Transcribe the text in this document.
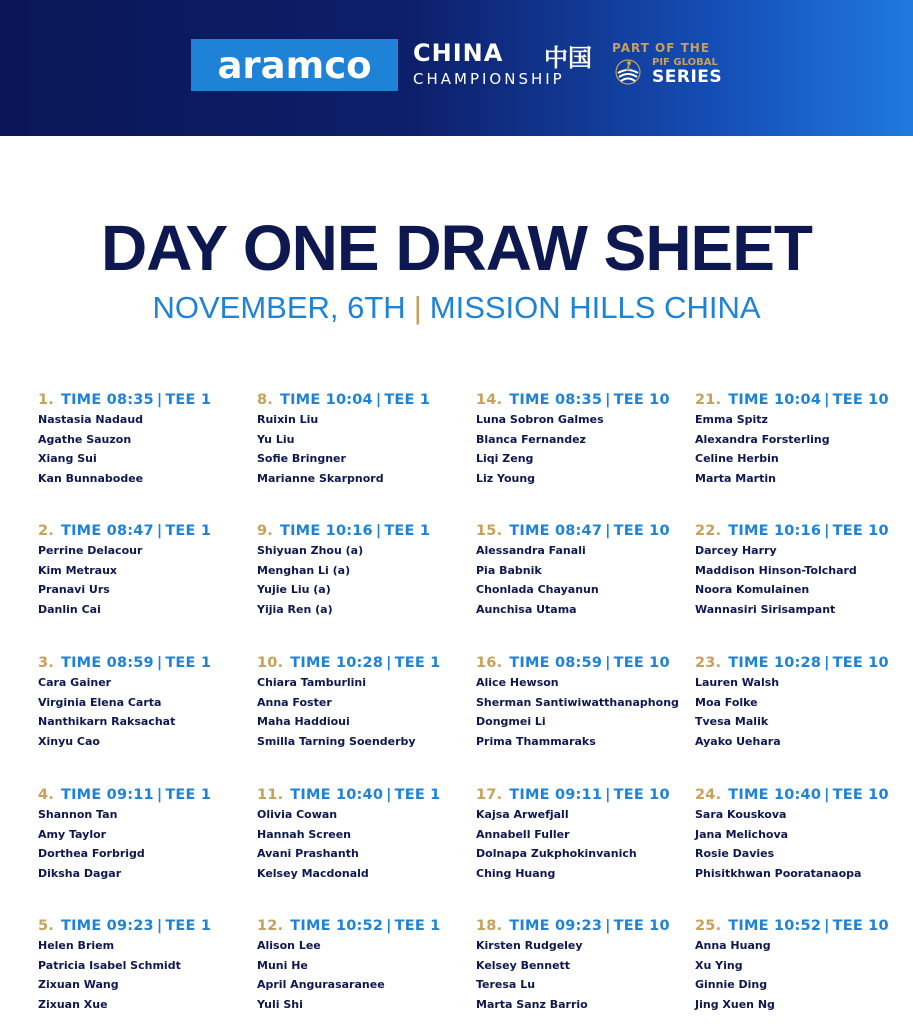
aramco CHINA
CHAMPIONSHIP
中国 PART OF THE
PIF GLOBAL
SERIES
DAY ONE DRAW SHEET
NOVEMBER, 6TH | MISSION HILLS CHINA
1. TIME 08:35 | TEE 1
Nastasia Nadaud
Agathe Sauzon
Xiang Sui
Kan Bunnabodee
2. TIME 08:47 | TEE 1
Perrine Delacour
Kim Metraux
Pranavi Urs
Danlin Cai
3. TIME 08:59 | TEE 1
Cara Gainer
Virginia Elena Carta
Nanthikarn Raksachat
Xinyu Cao
4. TIME 09:11 | TEE 1
Shannon Tan
Amy Taylor
Dorthea Forbrigd
Diksha Dagar
5. TIME 09:23 | TEE 1
Helen Briem
Patricia Isabel Schmidt
Zixuan Wang
Zixuan Xue
8. TIME 10:04 | TEE 1
Ruixin Liu
Yu Liu
Sofie Bringner
Marianne Skarpnord
9. TIME 10:16 | TEE 1
Shiyuan Zhou (a)
Menghan Li (a)
Yujie Liu (a)
Yijia Ren (a)
10. TIME 10:28 | TEE 1
Chiara Tamburlini
Anna Foster
Maha Haddioui
Smilla Tarning Soenderby
11. TIME 10:40 | TEE 1
Olivia Cowan
Hannah Screen
Avani Prashanth
Kelsey Macdonald
12. TIME 10:52 | TEE 1
Alison Lee
Muni He
April Angurasaranee
Yuli Shi
14. TIME 08:35 | TEE 10
Luna Sobron Galmes
Blanca Fernandez
Liqi Zeng
Liz Young
15. TIME 08:47 | TEE 10
Alessandra Fanali
Pia Babnik
Chonlada Chayanun
Aunchisa Utama
16. TIME 08:59 | TEE 10
Alice Hewson
Sherman Santiwiwatthanaphong
Dongmei Li
Prima Thammaraks
17. TIME 09:11 | TEE 10
Kajsa Arwefjall
Annabell Fuller
Dolnapa Zukphokinvanich
Ching Huang
18. TIME 09:23 | TEE 10
Kirsten Rudgeley
Kelsey Bennett
Teresa Lu
Marta Sanz Barrio
21. TIME 10:04 | TEE 10
Emma Spitz
Alexandra Forsterling
Celine Herbin
Marta Martin
22. TIME 10:16 | TEE 10
Darcey Harry
Maddison Hinson-Tolchard
Noora Komulainen
Wannasiri Sirisampant
23. TIME 10:28 | TEE 10
Lauren Walsh
Moa Folke
Tvesa Malik
Ayako Uehara
24. TIME 10:40 | TEE 10
Sara Kouskova
Jana Melichova
Rosie Davies
Phisitkhwan Pooratanaopa
25. TIME 10:52 | TEE 10
Anna Huang
Xu Ying
Ginnie Ding
Jing Xuen Ng
